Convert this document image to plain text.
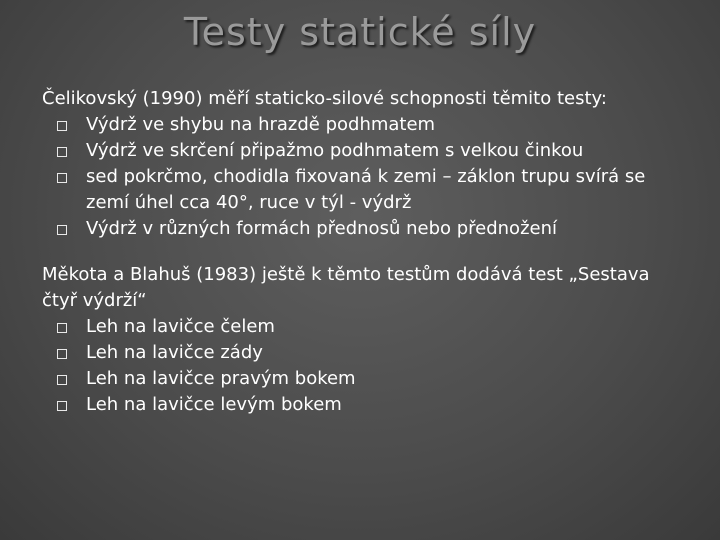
Testy statické síly

Čelikovský (1990) měří staticko-silové schopnosti těmito testy:

Výdrž ve shybu na hrazdě podhmatem
Výdrž ve skrčení připažmo podhmatem s velkou činkou
sed pokrčmo, chodidla fixovaná k zemi – záklon trupu svírá se zemí úhel cca 40°, ruce v týl - výdrž
Výdrž v různých formách přednosů nebo přednožení

Měkota a Blahuš (1983) ještě k těmto testům dodává test „Sestava čtyř výdrží“

Leh na lavičce čelem
Leh na lavičce zády
Leh na lavičce pravým bokem
Leh na lavičce levým bokem
